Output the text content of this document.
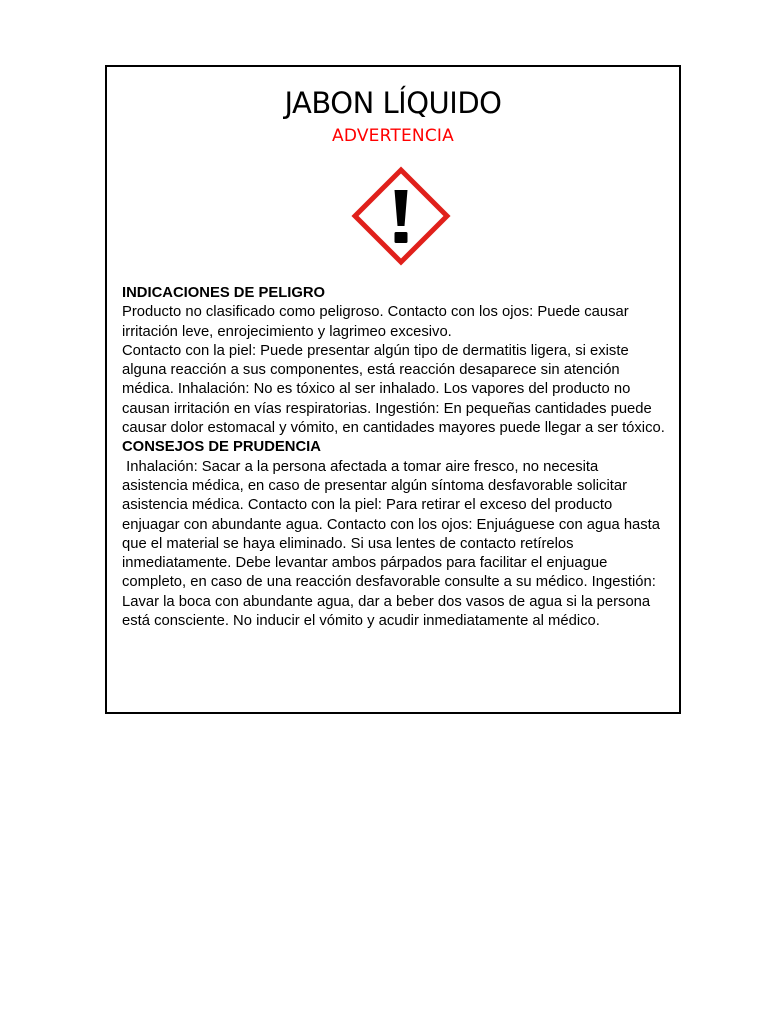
JABON LÍQUIDO
ADVERTENCIA

INDICACIONES DE PELIGRO

Producto no clasificado como peligroso. Contacto con los ojos: Puede causar irritación leve, enrojecimiento y lagrimeo excesivo.

Contacto con la piel: Puede presentar algún tipo de dermatitis ligera, si existe alguna reacción a sus componentes, está reacción desaparece sin atención médica. Inhalación: No es tóxico al ser inhalado. Los vapores del producto no causan irritación en vías respiratorias. Ingestión: En pequeñas cantidades puede causar dolor estomacal y vómito, en cantidades mayores puede llegar a ser tóxico.

CONSEJOS DE PRUDENCIA

Inhalación: Sacar a la persona afectada a tomar aire fresco, no necesita asistencia médica, en caso de presentar algún síntoma desfavorable solicitar asistencia médica. Contacto con la piel: Para retirar el exceso del producto enjuagar con abundante agua. Contacto con los ojos: Enjuáguese con agua hasta que el material se haya eliminado. Si usa lentes de contacto retírelos inmediatamente. Debe levantar ambos párpados para facilitar el enjuague completo, en caso de una reacción desfavorable consulte a su médico. Ingestión: Lavar la boca con abundante agua, dar a beber dos vasos de agua si la persona está consciente. No inducir el vómito y acudir inmediatamente al médico.
